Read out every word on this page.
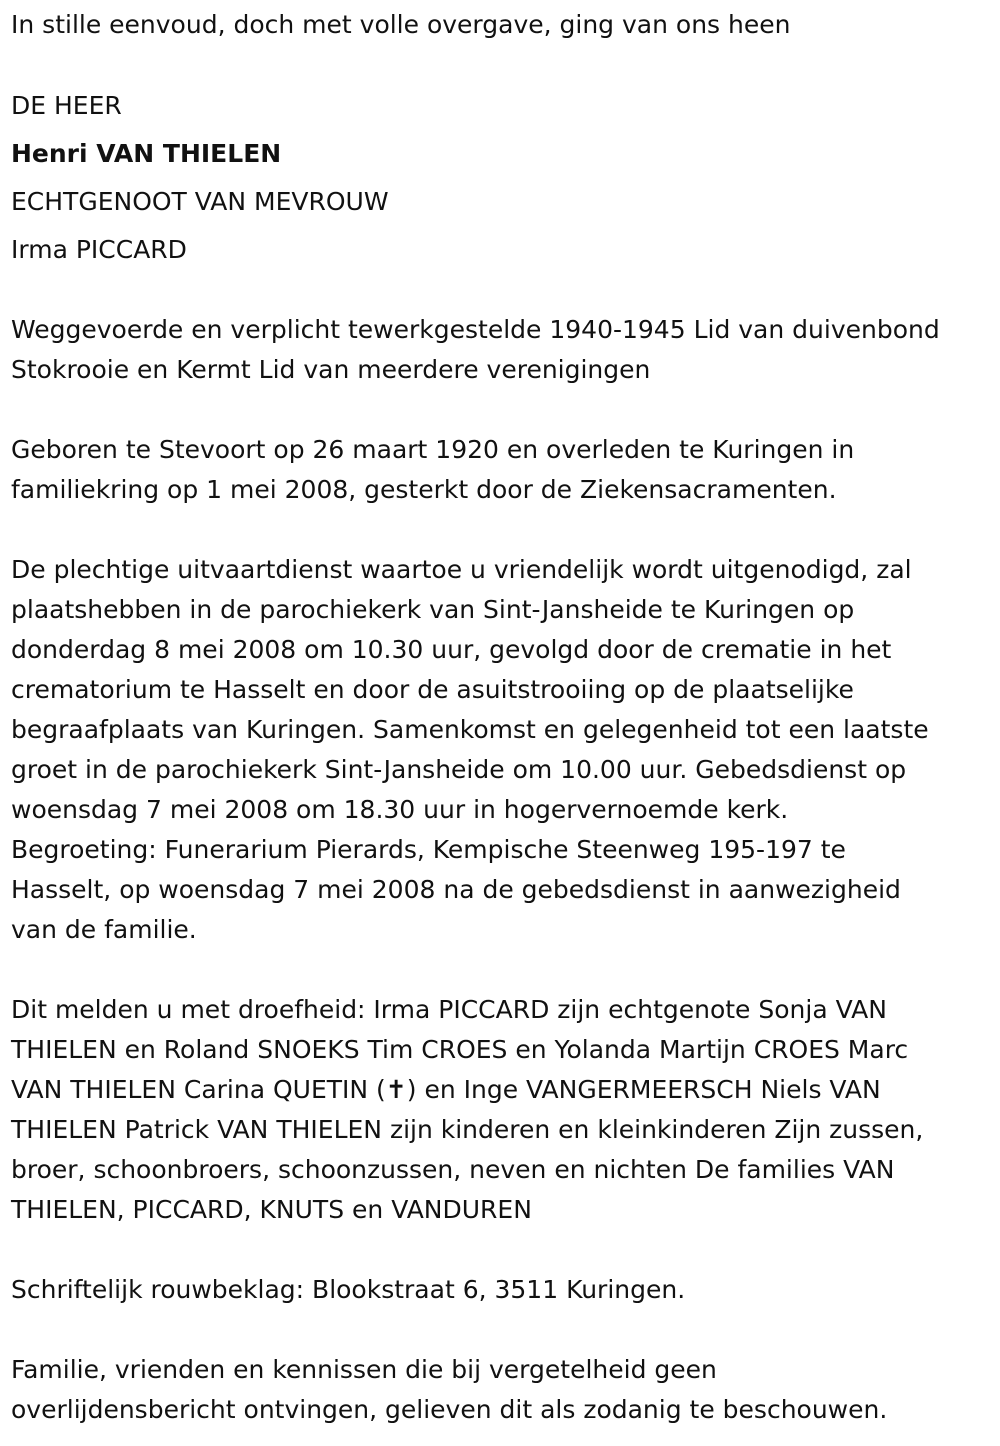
In stille eenvoud, doch met volle overgave, ging van ons heen
DE HEER
Henri VAN THIELEN
ECHTGENOOT VAN MEVROUW
Irma PICCARD
Weggevoerde en verplicht tewerkgestelde 1940-1945 Lid van duivenbond
Stokrooie en Kermt Lid van meerdere verenigingen
Geboren te Stevoort op 26 maart 1920 en overleden te Kuringen in
familiekring op 1 mei 2008, gesterkt door de Ziekensacramenten.
De plechtige uitvaartdienst waartoe u vriendelijk wordt uitgenodigd, zal
plaatshebben in de parochiekerk van Sint-Jansheide te Kuringen op
donderdag 8 mei 2008 om 10.30 uur, gevolgd door de crematie in het
crematorium te Hasselt en door de asuitstrooiing op de plaatselijke
begraafplaats van Kuringen. Samenkomst en gelegenheid tot een laatste
groet in de parochiekerk Sint-Jansheide om 10.00 uur. Gebedsdienst op
woensdag 7 mei 2008 om 18.30 uur in hogervernoemde kerk.
Begroeting: Funerarium Pierards, Kempische Steenweg 195-197 te
Hasselt, op woensdag 7 mei 2008 na de gebedsdienst in aanwezigheid
van de familie.
Dit melden u met droefheid: Irma PICCARD zijn echtgenote Sonja VAN
THIELEN en Roland SNOEKS Tim CROES en Yolanda Martijn CROES Marc
VAN THIELEN Carina QUETIN (✝) en Inge VANGERMEERSCH Niels VAN
THIELEN Patrick VAN THIELEN zijn kinderen en kleinkinderen Zijn zussen,
broer, schoonbroers, schoonzussen, neven en nichten De families VAN
THIELEN, PICCARD, KNUTS en VANDUREN
Schriftelijk rouwbeklag: Blookstraat 6, 3511 Kuringen.
Familie, vrienden en kennissen die bij vergetelheid geen
overlijdensbericht ontvingen, gelieven dit als zodanig te beschouwen.
